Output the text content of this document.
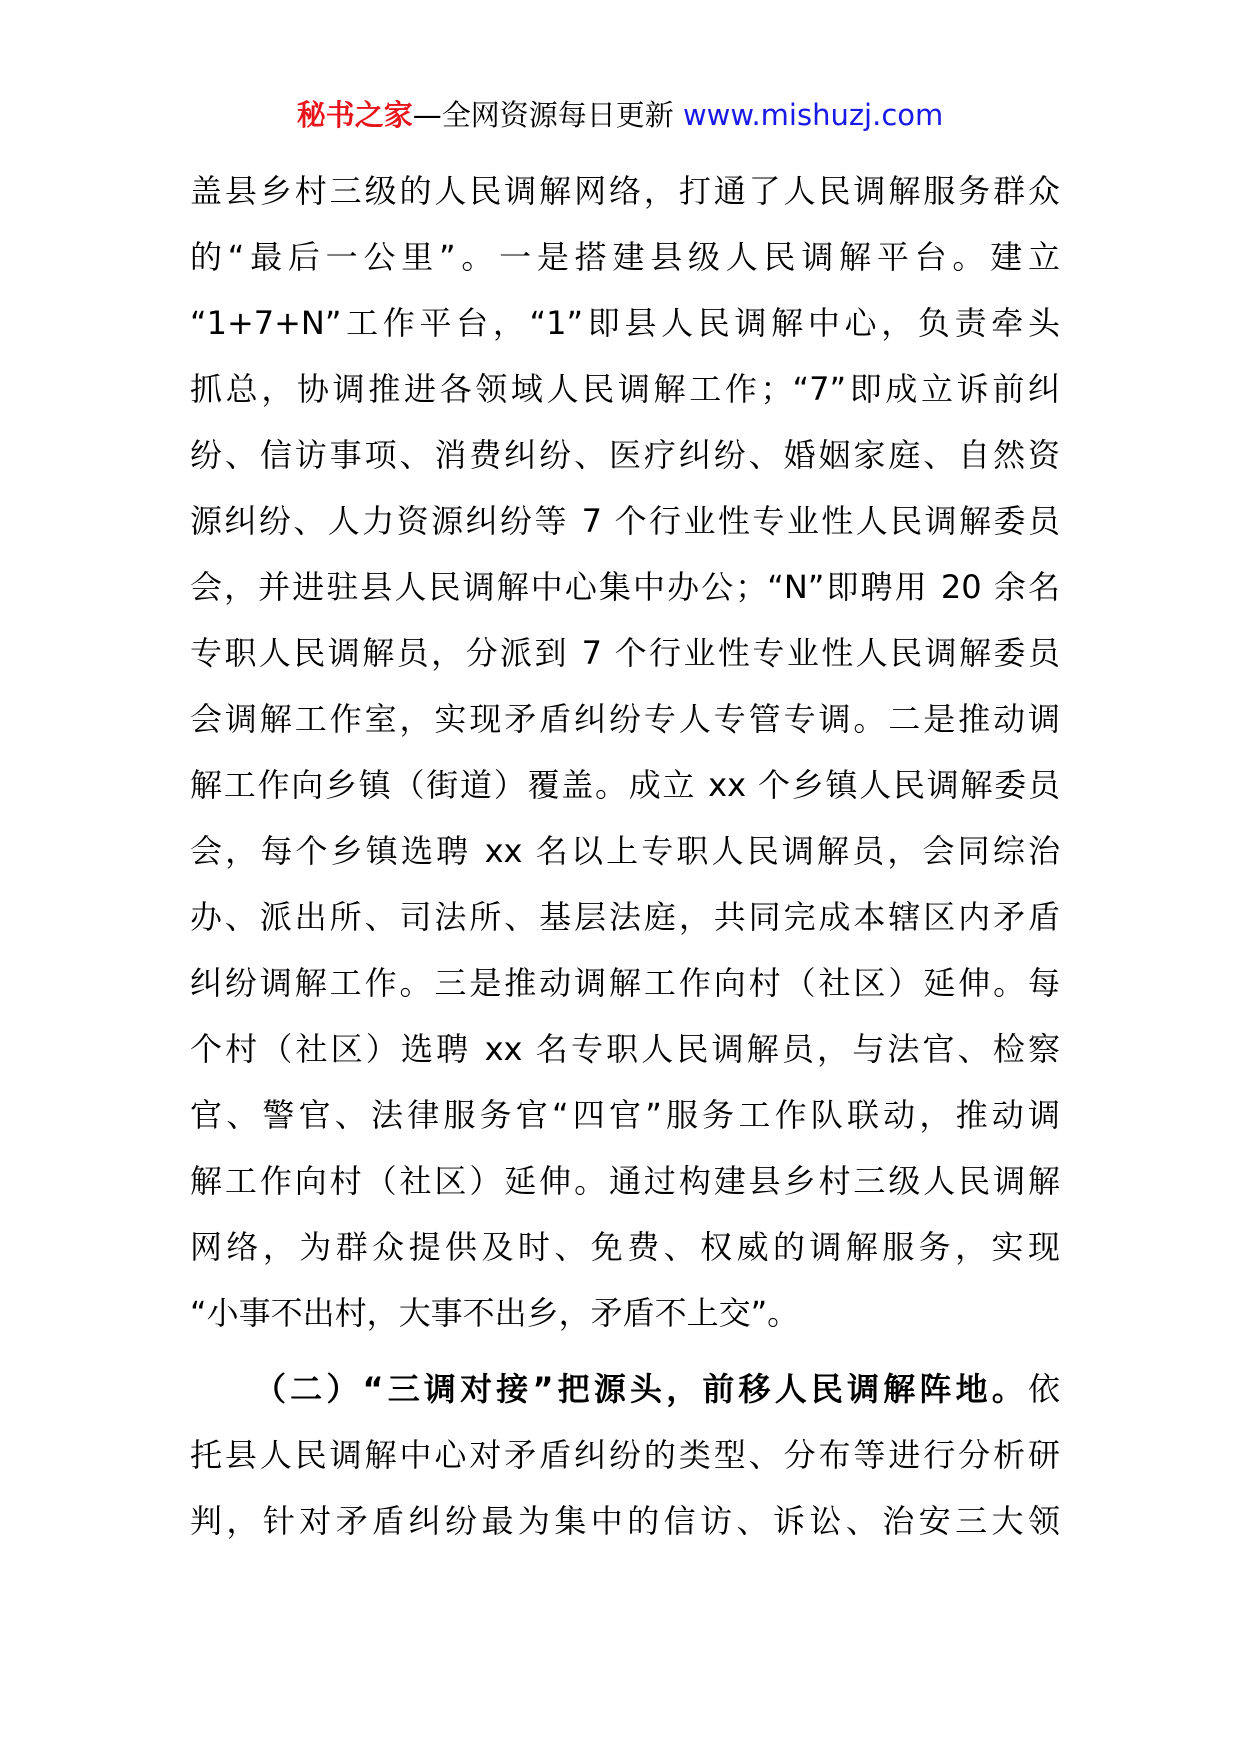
秘书之家—全网资源每日更新 www.mishuzj.com
盖县乡村三级的人民调解网络，打通了人民调解服务群众
的“最后一公里”。一是搭建县级人民调解平台。建立
“1+7+N”工作平台，“1”即县人民调解中心，负责牵头
抓总，协调推进各领域人民调解工作；“7”即成立诉前纠
纷、信访事项、消费纠纷、医疗纠纷、婚姻家庭、自然资
源纠纷、人力资源纠纷等 7 个行业性专业性人民调解委员
会，并进驻县人民调解中心集中办公；“N”即聘用 20 余名
专职人民调解员，分派到 7 个行业性专业性人民调解委员
会调解工作室，实现矛盾纠纷专人专管专调。二是推动调
解工作向乡镇（街道）覆盖。成立 xx 个乡镇人民调解委员
会，每个乡镇选聘 xx 名以上专职人民调解员，会同综治
办、派出所、司法所、基层法庭，共同完成本辖区内矛盾
纠纷调解工作。三是推动调解工作向村（社区）延伸。每
个村（社区）选聘 xx 名专职人民调解员，与法官、检察
官、警官、法律服务官“四官”服务工作队联动，推动调
解工作向村（社区）延伸。通过构建县乡村三级人民调解
网络，为群众提供及时、免费、权威的调解服务，实现
“小事不出村，大事不出乡，矛盾不上交”。
（二）“三调对接”把源头，前移人民调解阵地。依
托县人民调解中心对矛盾纠纷的类型、分布等进行分析研
判，针对矛盾纠纷最为集中的信访、诉讼、治安三大领
